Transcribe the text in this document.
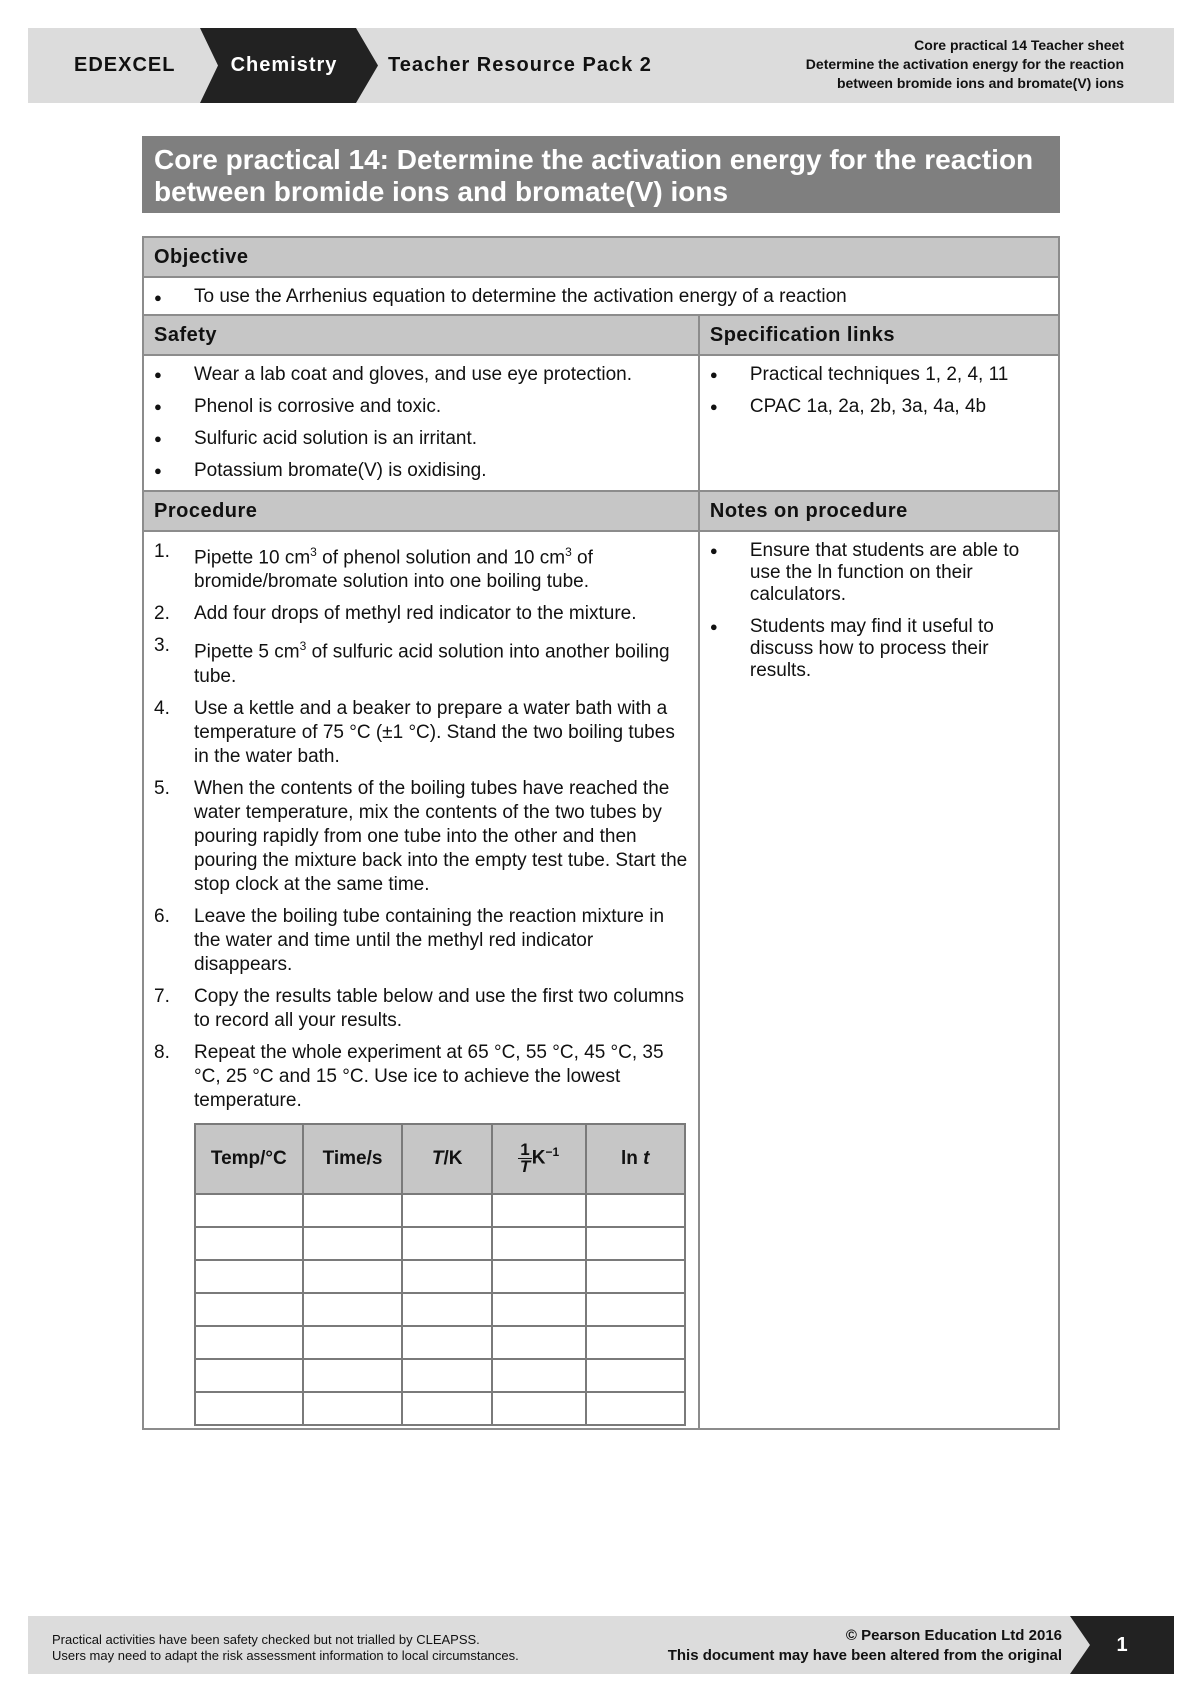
EDEXCEL	Chemistry	Teacher Resource Pack 2
Core practical 14 Teacher sheet
Determine the activation energy for the reaction
between bromide ions and bromate(V) ions
Core practical 14: Determine the activation energy for the reaction
between bromide ions and bromate(V) ions
Objective

● To use the Arrhenius equation to determine the activation energy of a reaction

Safety	Specification links

● Wear a lab coat and gloves, and use eye protection.
● Phenol is corrosive and toxic.
● Sulfuric acid solution is an irritant.
● Potassium bromate(V) is oxidising.

● Practical techniques 1, 2, 4, 11
● CPAC 1a, 2a, 2b, 3a, 4a, 4b

Procedure	Notes on procedure

1. Pipette 10 $cm^3$ of phenol solution and 10 $cm^3$ of bromide/bromate solution into one boiling tube.
2. Add four drops of methyl red indicator to the mixture.
3. Pipette 5 $cm^3$ of sulfuric acid solution into another boiling tube.
4. Use a kettle and a beaker to prepare a water bath with a temperature of 75 °C (±1 °C). Stand the two boiling tubes in the water bath.
5. When the contents of the boiling tubes have reached the water temperature, mix the contents of the two tubes by pouring rapidly from one tube into the other and then pouring the mixture back into the empty test tube. Start the stop clock at the same time.
6. Leave the boiling tube containing the reaction mixture in the water and time until the methyl red indicator disappears.
7. Copy the results table below and use the first two columns to record all your results.
8. Repeat the whole experiment at 65 °C, 55 °C, 45 °C, 35 °C, 25 °C and 15 °C. Use ice to achieve the lowest temperature.
Temp/°C	Time/s	T/K	$\frac{1}{T} K^{-1}$	ln t

● Ensure that students are able to use the ln function on their calculators.
● Students may find it useful to discuss how to process their results.
Practical activities have been safety checked but not trialled by CLEAPSS.
Users may need to adapt the risk assessment information to local circumstances.
© Pearson Education Ltd 2016
This document may have been altered from the original	1
